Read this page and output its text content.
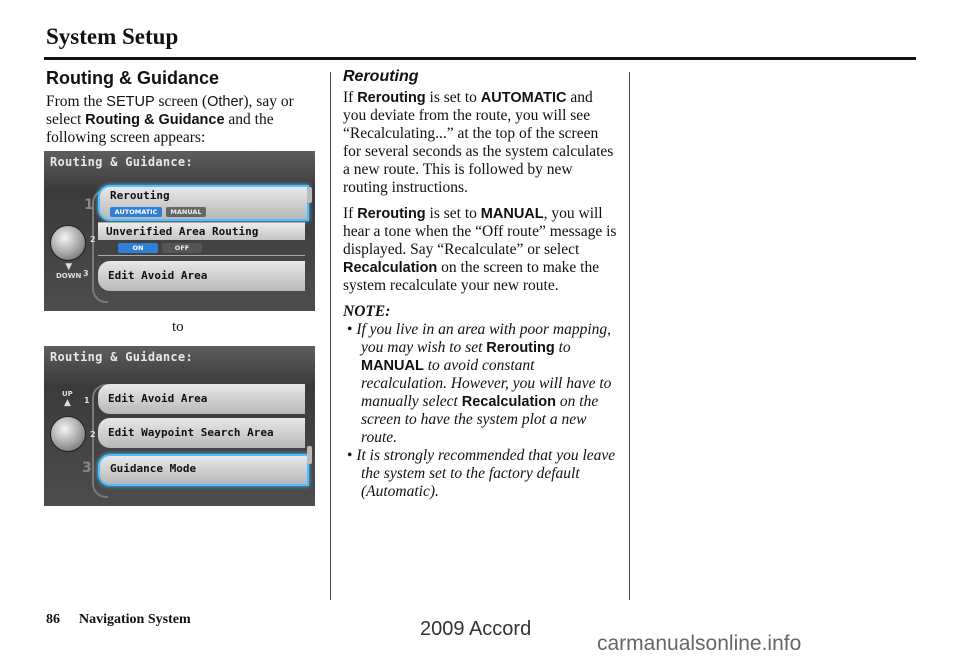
System Setup
Routing & Guidance

From the SETUP screen (Other), say or select Routing & Guidance and the following screen appears:

Routing & Guidance:
1
2
3
▼
DOWN
Rerouting
AUTOMATIC	MANUAL
Unverified Area Routing
ON	OFF
Edit Avoid Area
to
Routing & Guidance:
UP
▲ 1
2
3
Edit Avoid Area
Edit Waypoint Search Area
Guidance Mode
Rerouting

If Rerouting is set to AUTOMATIC and you deviate from the route, you will see “Recalculating...” at the top of the screen for several seconds as the system calculates a new route. This is followed by new routing instructions.

If Rerouting is set to MANUAL, you will hear a tone when the “Off route” message is displayed. Say “Recalculate” or select Recalculation on the screen to make the system recalculate your new route.

NOTE:

• If you live in an area with poor mapping, you may wish to set Rerouting to MANUAL to avoid constant recalculation. However, you will have to manually select Recalculation on the screen to have the system plot a new route.

• It is strongly recommended that you leave the system set to the factory default (Automatic).

86 Navigation System	2009 Accord
carmanualsonline.info
